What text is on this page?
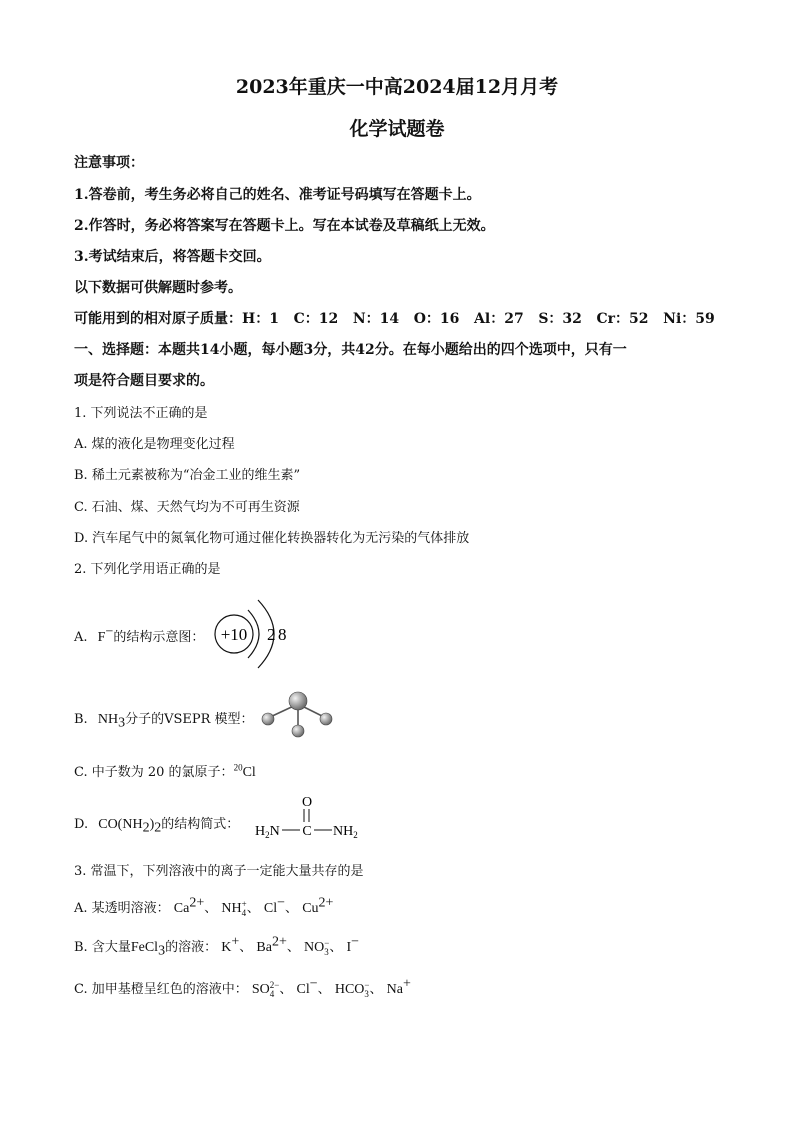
2023年重庆一中高2024届12月月考
化学试题卷
注意事项：
1.答卷前，考生务必将自己的姓名、准考证号码填写在答题卡上。
2.作答时，务必将答案写在答题卡上。写在本试卷及草稿纸上无效。
3.考试结束后，将答题卡交回。
以下数据可供解题时参考。
可能用到的相对原子质量：H：1   C：12   N：14   O：16   Al：27   S：32   Cr：52   Ni：59
一、选择题：本题共14小题，每小题3分，共42分。在每小题给出的四个选项中，只有一
项是符合题目要求的。
1. 下列说法不正确的是
A. 煤的液化是物理变化过程
B. 稀土元素被称为“冶金工业的维生素”
C. 石油、煤、天然气均为不可再生资源
D. 汽车尾气中的氮氧化物可通过催化转换器转化为无污染的气体排放
2. 下列化学用语正确的是
A. F−的结构示意图： +10 2 8
B. $NH_3$分子的VSEPR 模型：
C. 中子数为 20 的氯原子：$^{20}$Cl
D. $CO(NH_2)_2$的结构简式：
O
$H_2N$ C $NH_2$
3. 常温下，下列溶液中的离子一定能大量共存的是
A. 某透明溶液： $Ca^{2+}$、 NH +
4 、 Cl−、 $Cu^{2+}$
B. 含大量FeCl$_3$的溶液： K+、 $Ba^{2+}$、 NO −
3 、 I−
C. 加甲基橙呈红色的溶液中： SO 2−
4 、 Cl−、 HCO −
3 、 Na+
